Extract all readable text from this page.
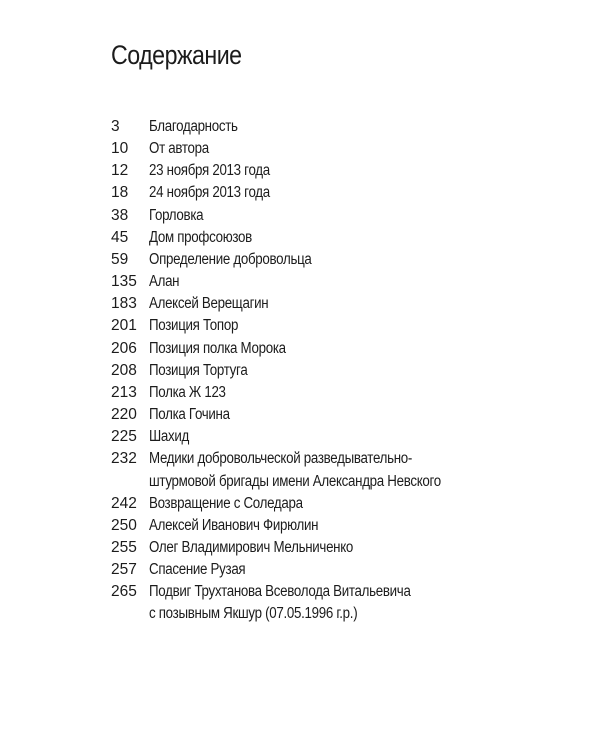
Содержание
3	Благодарность
10	От автора
12	23 ноября 2013 года
18	24 ноября 2013 года
38	Горловка
45	Дом профсоюзов
59	Определение добровольца
135 Алан
183 Алексей Верещагин
201 Позиция Топор
206 Позиция полка Морока
208 Позиция Тортуга
213 Полка Ж 123
220 Полка Гочина
225 Шахид
232 Медики добровольческой разведывательно-
штурмовой бригады имени Александра Невского
242 Возвращение с Соледара
250 Алексей Иванович Фирюлин
255 Олег Владимирович Мельниченко
257 Спасение Рузая
265 Подвиг Трухтанова Всеволода Витальевича
с позывным Якшур (07.05.1996 г.р.)
